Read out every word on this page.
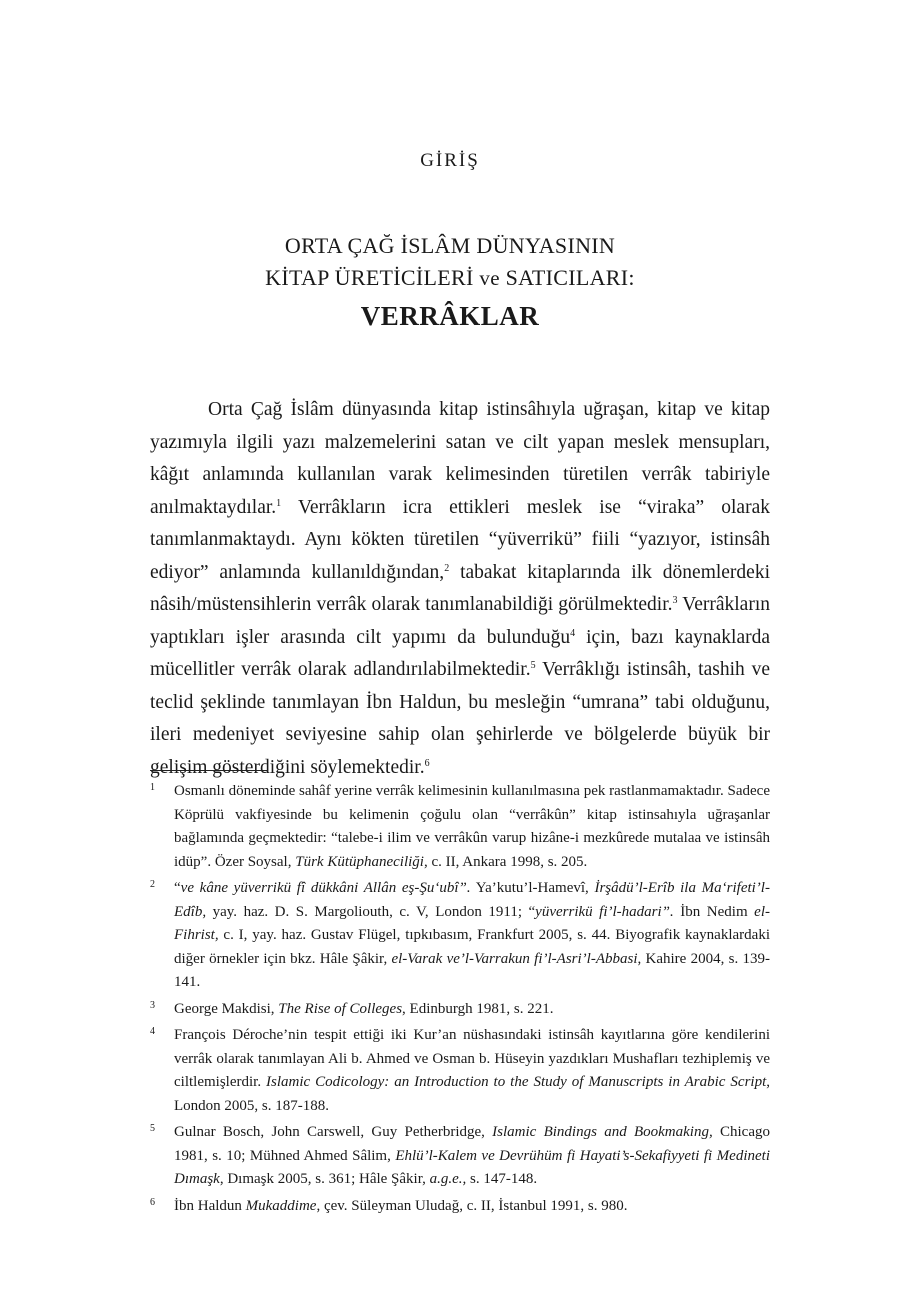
GİRİŞ
ORTA ÇAĞ İSLÂM DÜNYASININ
KİTAP ÜRETİCİLERİ ve SATICILARI:
VERRÂKLAR

Orta Çağ İslâm dünyasında kitap istinsâhıyla uğraşan, kitap ve kitap yazımıyla ilgili yazı malzemelerini satan ve cilt yapan meslek mensupları, kâğıt anlamında kullanılan varak kelimesinden türetilen verrâk tabiriyle anılmaktaydılar.$^1$ Verrâkların icra ettikleri meslek ise “viraka” olarak tanımlanmaktaydı. Aynı kökten türetilen “yüverrikü” fiili “yazıyor, istinsâh ediyor” anlamında kullanıldığından,$^2$ tabakat kitaplarında ilk dönemlerdeki nâsih/müstensihlerin verrâk olarak tanımlanabildiği görülmektedir.$^3$ Verrâkların yaptıkları işler arasında cilt yapımı da bulunduğu$^4$ için, bazı kaynaklarda mücellitler verrâk olarak adlandırılabilmektedir.$^5$ Verrâklığı istinsâh, tashih ve teclid şeklinde tanımlayan İbn Haldun, bu mesleğin “umrana” tabi olduğunu, ileri medeniyet seviyesine sahip olan şehirlerde ve bölgelerde büyük bir gelişim gösterdiğini söylemektedir.$^6$

1 Osmanlı döneminde sahâf yerine verrâk kelimesinin kullanılmasına pek rastlanmamaktadır. Sadece Köprülü vakfiyesinde bu kelimenin çoğulu olan “verrâkûn” kitap istinsahıyla uğraşanlar bağlamında geçmektedir: “talebe-i ilim ve verrâkûn varup hizâne-i mezkûrede mutalaa ve istinsâh idüp”. Özer Soysal, Türk Kütüphaneciliği, c. II, Ankara 1998, s. 205.
2 “ve kâne yüverrikü fî dükkâni Allân eş-Şu‘ubî”. Ya’kutu’l-Hamevî, İrşâdü’l-Erîb ila Ma‘rifeti’l-Edîb, yay. haz. D. S. Margoliouth, c. V, London 1911; “yüverrikü fi’l-hadari”. İbn Nedim el-Fihrist, c. I, yay. haz. Gustav Flügel, tıpkıbasım, Frankfurt 2005, s. 44. Biyografik kaynaklardaki diğer örnekler için bkz. Hâle Şâkir, el-Varak ve’l-Varrakun fi’l-Asri’l-Abbasi, Kahire 2004, s. 139-141.
3 George Makdisi, The Rise of Colleges, Edinburgh 1981, s. 221.
4 François Déroche’nin tespit ettiği iki Kur’an nüshasındaki istinsâh kayıtlarına göre kendilerini verrâk olarak tanımlayan Ali b. Ahmed ve Osman b. Hüseyin yazdıkları Mushafları tezhiplemiş ve ciltlemişlerdir. Islamic Codicology: an Introduction to the Study of Manuscripts in Arabic Script, London 2005, s. 187-188.
5 Gulnar Bosch, John Carswell, Guy Petherbridge, Islamic Bindings and Bookmaking, Chicago 1981, s. 10; Mühned Ahmed Sâlim, Ehlü’l-Kalem ve Devrühüm fi Hayati’s-Sekafiyyeti fi Medineti Dımaşk, Dımaşk 2005, s. 361; Hâle Şâkir, a.g.e., s. 147-148.
6 İbn Haldun Mukaddime, çev. Süleyman Uludağ, c. II, İstanbul 1991, s. 980.
